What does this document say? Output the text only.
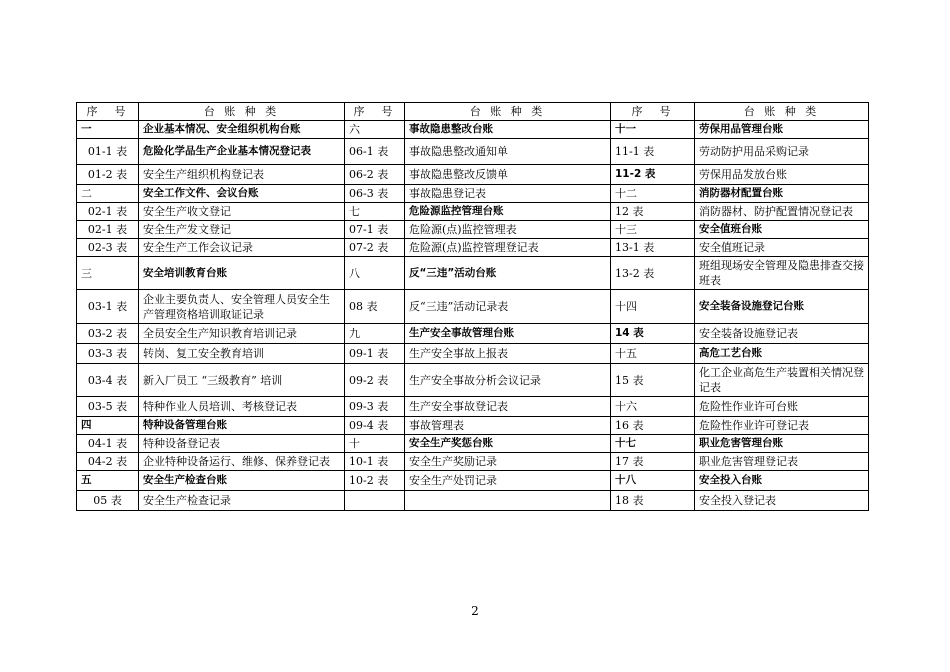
序　号	台 账 种 类	序　号	台 账 种 类	序　号	台 账 种 类
一	企业基本情况、安全组织机构台账	六	事故隐患整改台账	十一	劳保用品管理台账
01-1 表	危险化学品生产企业基本情况登记表	06-1 表	事故隐患整改通知单	11-1 表	劳动防护用品采购记录
01-2 表	安全生产组织机构登记表	06-2 表	事故隐患整改反馈单	11-2 表	劳保用品发放台账
二	安全工作文件、会议台账	06-3 表	事故隐患登记表	十二	消防器材配置台账
02-1 表	安全生产收文登记	七	危险源监控管理台账	12 表	消防器材、防护配置情况登记表
02-1 表	安全生产发文登记	07-1 表	危险源(点)监控管理表	十三	安全值班台账
02-3 表	安全生产工作会议记录	07-2 表	危险源(点)监控管理登记表	13-1 表	安全值班记录
三	安全培训教育台账	八	反“三违”活动台账	13-2 表	班组现场安全管理及隐患排查交接班表
03-1 表	企业主要负责人、安全管理人员安全生产管理资格培训取证记录	08 表	反“三违”活动记录表	十四	安全装备设施登记台账
03-2 表	全员安全生产知识教育培训记录	九	生产安全事故管理台账	14 表	安全装备设施登记表
03-3 表	转岗、复工安全教育培训	09-1 表	生产安全事故上报表	十五	高危工艺台账
03-4 表	新入厂员工 “三级教育” 培训	09-2 表	生产安全事故分析会议记录	15 表	化工企业高危生产装置相关情况登记表
03-5 表	特种作业人员培训、考核登记表	09-3 表	生产安全事故登记表	十六	危险性作业许可台账
四	特种设备管理台账	09-4 表	事故管理表	16 表	危险性作业许可登记表
04-1 表	特种设备登记表	十	安全生产奖惩台账	十七	职业危害管理台账
04-2 表	企业特种设备运行、维修、保养登记表	10-1 表	安全生产奖励记录	17 表	职业危害管理登记表
五	安全生产检查台账	10-2 表	安全生产处罚记录	十八	安全投入台账
05 表	安全生产检查记录			18 表	安全投入登记表
2
